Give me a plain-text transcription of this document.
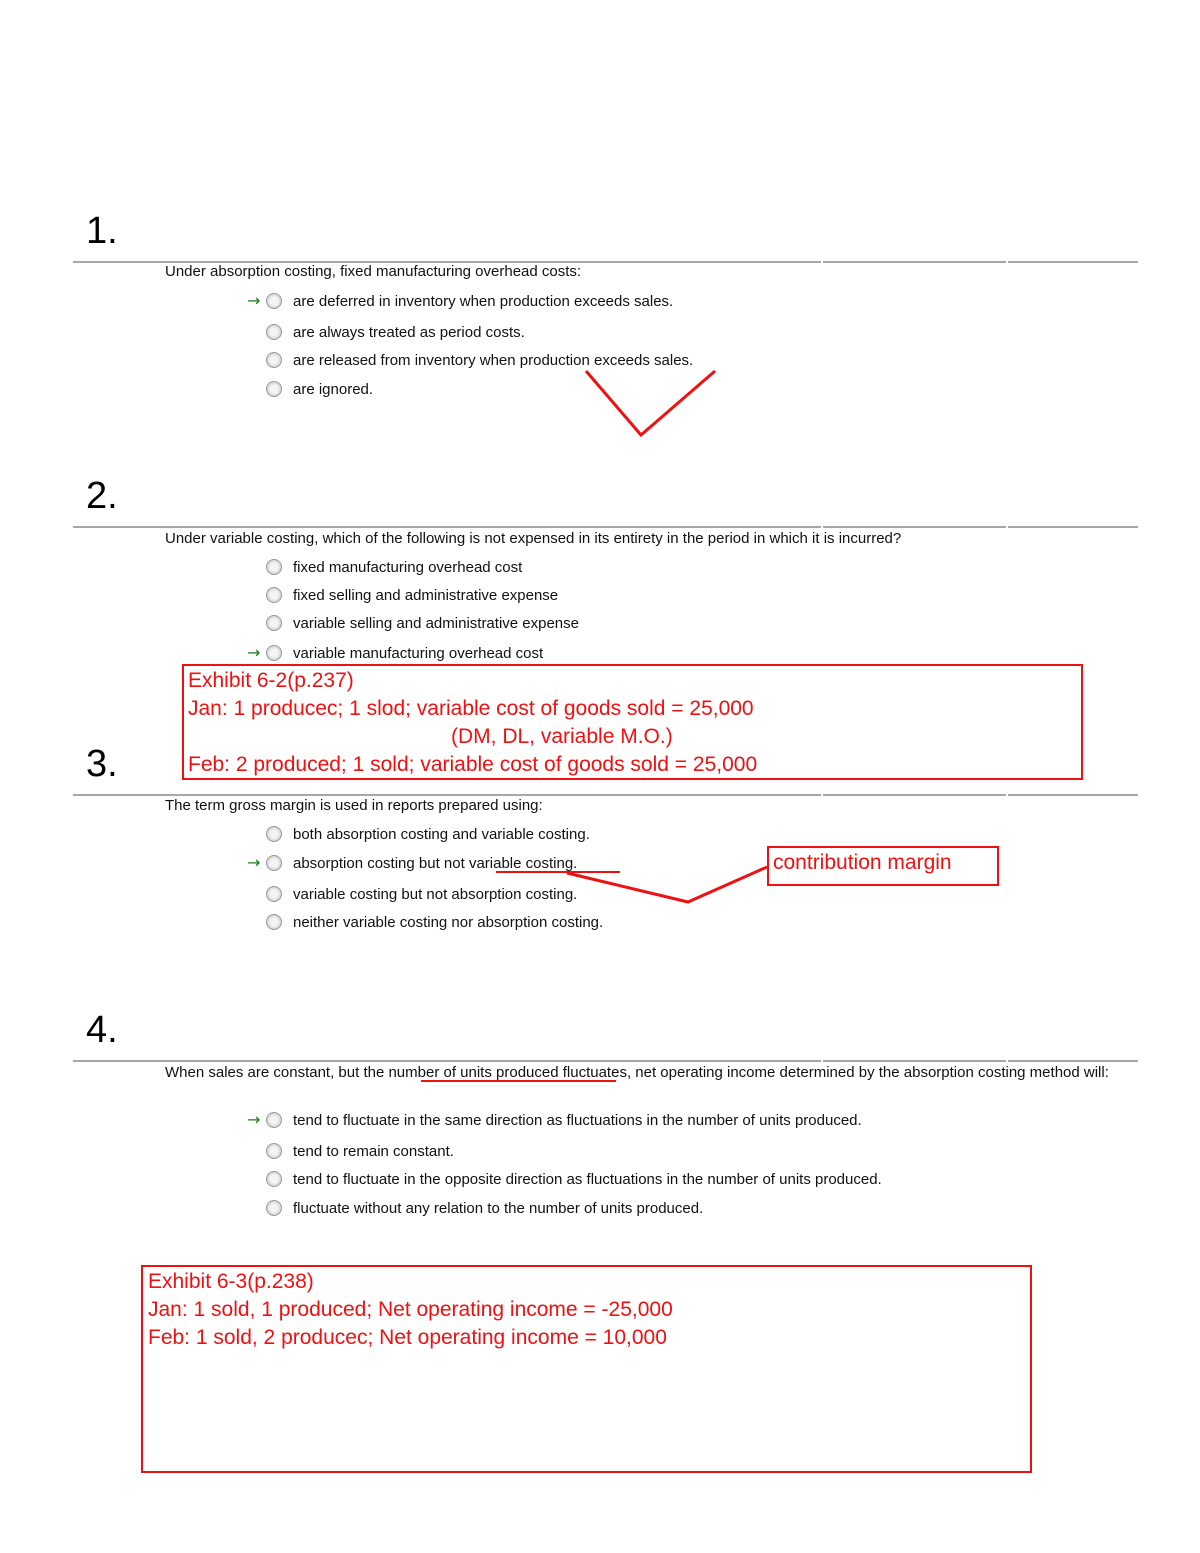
1.
Under absorption costing, fixed manufacturing overhead costs:
→ are deferred in inventory when production exceeds sales.
are always treated as period costs.
are released from inventory when production exceeds sales.
are ignored.
2.
Under variable costing, which of the following is not expensed in its entirety in the period in which it is incurred?
fixed manufacturing overhead cost
fixed selling and administrative expense
variable selling and administrative expense
→ variable manufacturing overhead cost
3.
The term gross margin is used in reports prepared using:
both absorption costing and variable costing.
→ absorption costing but not variable costing.
variable costing but not absorption costing.
neither variable costing nor absorption costing.
4.
When sales are constant, but the number of units produced fluctuates, net operating income determined by the absorption costing method will:
→ tend to fluctuate in the same direction as fluctuations in the number of units produced.
tend to remain constant.
tend to fluctuate in the opposite direction as fluctuations in the number of units produced.
fluctuate without any relation to the number of units produced.
Exhibit 6-2(p.237)
Jan: 1 producec; 1 slod; variable cost of goods sold = 25,000
(DM, DL, variable M.O.)
Feb: 2 produced; 1 sold; variable cost of goods sold = 25,000
contribution margin
Exhibit 6-3(p.238)
Jan: 1 sold, 1 produced; Net operating income = -25,000
Feb: 1 sold, 2 producec; Net operating income = 10,000
